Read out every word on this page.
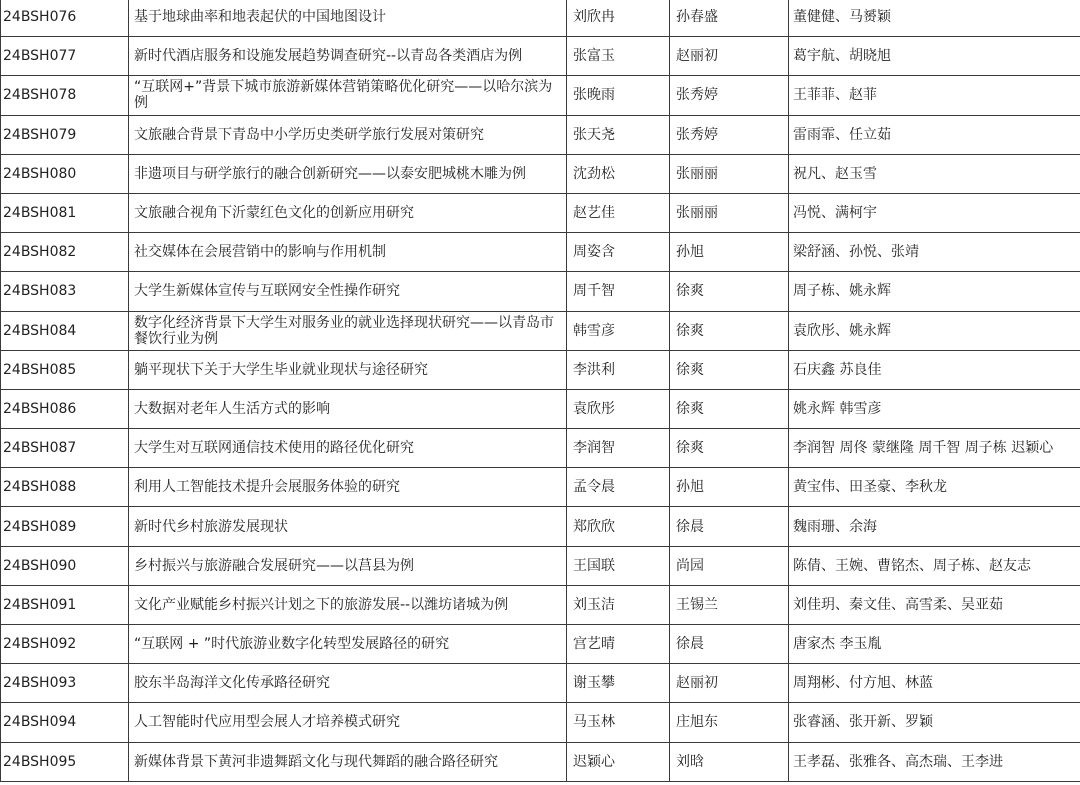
24BSH076	基于地球曲率和地表起伏的中国地图设计	刘欣冉	孙春盛	董健健、马赟颖
24BSH077	新时代酒店服务和设施发展趋势调查研究--以青岛各类酒店为例	张富玉	赵丽初	葛宇航、胡晓旭
24BSH078	“互联网+”背景下城市旅游新媒体营销策略优化研究——以哈尔滨为例	张晚雨	张秀婷	王菲菲、赵菲
24BSH079	文旅融合背景下青岛中小学历史类研学旅行发展对策研究	张天尧	张秀婷	雷雨霏、任立茹
24BSH080	非遗项目与研学旅行的融合创新研究——以泰安肥城桃木雕为例	沈劲松	张丽丽	祝凡、赵玉雪
24BSH081	文旅融合视角下沂蒙红色文化的创新应用研究	赵艺佳	张丽丽	冯悦、满柯宇
24BSH082	社交媒体在会展营销中的影响与作用机制	周姿含	孙旭	梁舒涵、孙悦、张靖
24BSH083	大学生新媒体宣传与互联网安全性操作研究	周千智	徐爽	周子栋、姚永辉
24BSH084	数字化经济背景下大学生对服务业的就业选择现状研究——以青岛市餐饮行业为例	韩雪彦	徐爽	袁欣彤、姚永辉
24BSH085	躺平现状下关于大学生毕业就业现状与途径研究	李洪利	徐爽	石庆鑫 苏良佳
24BSH086	大数据对老年人生活方式的影响	袁欣彤	徐爽	姚永辉 韩雪彦
24BSH087	大学生对互联网通信技术使用的路径优化研究	李润智	徐爽	李润智 周佟 蒙继隆 周千智 周子栋 迟颖心
24BSH088	利用人工智能技术提升会展服务体验的研究	孟令晨	孙旭	黄宝伟、田圣豪、李秋龙
24BSH089	新时代乡村旅游发展现状	郑欣欣	徐晨	魏雨珊、余海
24BSH090	乡村振兴与旅游融合发展研究——以莒县为例	王国联	尚园	陈倩、王婉、曹铭杰、周子栋、赵友志
24BSH091	文化产业赋能乡村振兴计划之下的旅游发展--以潍坊诸城为例	刘玉洁	王锡兰	刘佳玥、秦文佳、高雪柔、吴亚茹
24BSH092	“互联网 + ”时代旅游业数字化转型发展路径的研究	宫艺晴	徐晨	唐家杰 李玉胤
24BSH093	胶东半岛海洋文化传承路径研究	谢玉攀	赵丽初	周翔彬、付方旭、林蓝
24BSH094	人工智能时代应用型会展人才培养模式研究	马玉林	庄旭东	张睿涵、张开新、罗颖
24BSH095	新媒体背景下黄河非遗舞蹈文化与现代舞蹈的融合路径研究	迟颖心	刘晗	王孝磊、张雅各、高杰瑞、王李进
